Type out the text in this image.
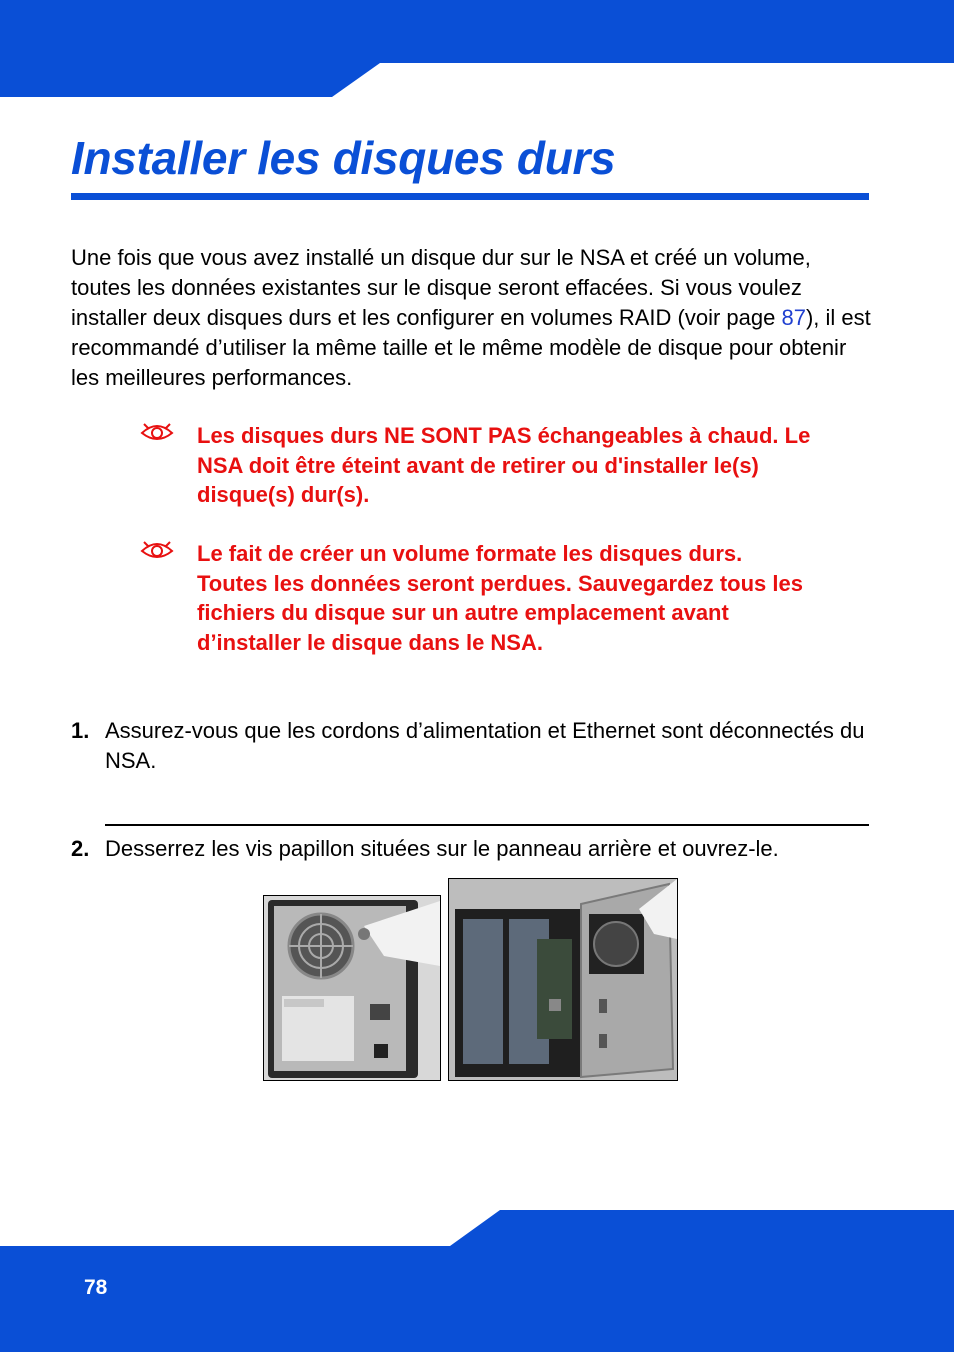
Installer les disques durs

Une fois que vous avez installé un disque dur sur le NSA et créé un volume, toutes les données existantes sur le disque seront effacées. Si vous voulez installer deux disques durs et les configurer en volumes RAID (voir page 87), il est recommandé d’utiliser la même taille et le même modèle de disque pour obtenir les meilleures performances.

Les disques durs NE SONT PAS échangeables à chaud. Le NSA doit être éteint avant de retirer ou d'installer le(s) disque(s) dur(s).

Le fait de créer un volume formate les disques durs. Toutes les données seront perdues. Sauvegardez tous les fichiers du disque sur un autre emplacement avant d’installer le disque dans le NSA.

1. Assurez-vous que les cordons d’alimentation et Ethernet sont déconnectés du NSA.

2. Desserrez les vis papillon situées sur le panneau arrière et ouvrez-le.

78
